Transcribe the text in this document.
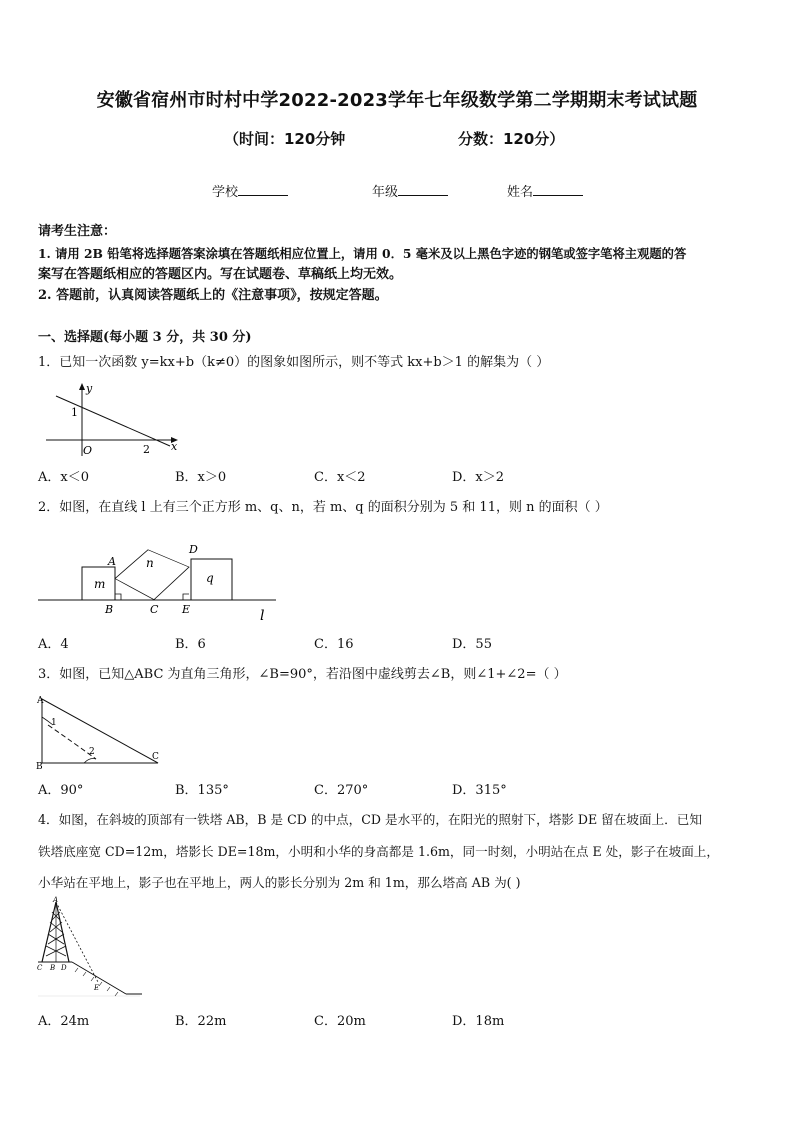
安徽省宿州市时村中学2022-2023学年七年级数学第二学期期末考试试题
（时间：120分钟	分数：120分）
学校	年级	姓名
请考生注意：
1. 请用 2B 铅笔将选择题答案涂填在答题纸相应位置上，请用 0．5 毫米及以上黑色字迹的钢笔或签字笔将主观题的答
案写在答题纸相应的答题区内。写在试题卷、草稿纸上均无效。
2. 答题前，认真阅读答题纸上的《注意事项》，按规定答题。
一、选择题(每小题 3 分，共 30 分)
1．已知一次函数 y=kx+b（k≠0）的图象如图所示，则不等式 kx+b＞1 的解集为（ ）
y
x
1
O	2
A．x＜0	B．x＞0	C．x＜2	D．x＞2
2．如图，在直线 l 上有三个正方形 m、q、n，若 m、q 的面积分别为 5 和 11，则 n 的面积（ ）
m
n
q
A
B	C
D
E	l
A．4	B．6	C．16	D．55
3．如图，已知△ABC 为直角三角形，∠B=90°，若沿图中虚线剪去∠B，则∠1+∠2=（ ）
A
B
C
1
2
A．90°	B．135°	C．270°	D．315°
4．如图，在斜坡的顶部有一铁塔 AB，B 是 CD 的中点，CD 是水平的，在阳光的照射下，塔影 DE 留在坡面上．已知
铁塔底座宽 CD=12m，塔影长 DE=18m，小明和小华的身高都是 1.6m，同一时刻，小明站在点 E 处，影子在坡面上，
小华站在平地上，影子也在平地上，两人的影长分别为 2m 和 1m，那么塔高 AB 为( )
A
C B D
E
A．24m	B．22m	C．20m	D．18m
